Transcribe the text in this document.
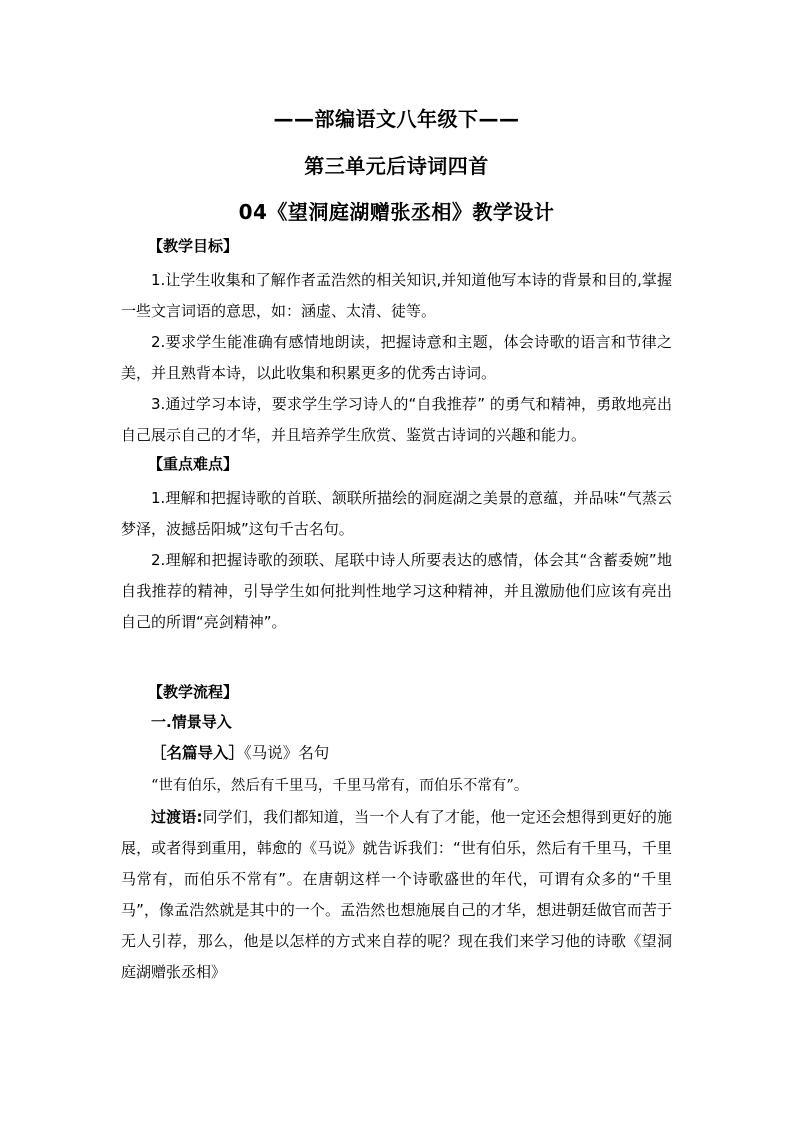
——部编语文八年级下——
第三单元后诗词四首
04《望洞庭湖赠张丞相》教学设计
【教学目标】

1.让学生收集和了解作者孟浩然的相关知识,并知道他写本诗的背景和目的,掌握一些文言词语的意思，如：涵虚、太清、徒等。

2.要求学生能准确有感情地朗读，把握诗意和主题，体会诗歌的语言和节律之美，并且熟背本诗，以此收集和积累更多的优秀古诗词。

3.通过学习本诗，要求学生学习诗人的“自我推荐” 的勇气和精神，勇敢地亮出自己展示自己的才华，并且培养学生欣赏、鉴赏古诗词的兴趣和能力。

【重点难点】

1.理解和把握诗歌的首联、颔联所描绘的洞庭湖之美景的意蕴，并品味“气蒸云梦泽，波撼岳阳城”这句千古名句。

2.理解和把握诗歌的颈联、尾联中诗人所要表达的感情，体会其“含蓄委婉”地自我推荐的精神，引导学生如何批判性地学习这种精神，并且激励他们应该有亮出自己的所谓“亮剑精神”。

【教学流程】
一.情景导入
［名篇导入］《马说》名句
“世有伯乐，然后有千里马，千里马常有，而伯乐不常有”。

过渡语:同学们，我们都知道，当一个人有了才能，他一定还会想得到更好的施展，或者得到重用，韩愈的《马说》就告诉我们：“世有伯乐，然后有千里马，千里马常有，而伯乐不常有”。在唐朝这样一个诗歌盛世的年代，可谓有众多的“千里马”，像孟浩然就是其中的一个。孟浩然也想施展自己的才华，想进朝廷做官而苦于无人引荐，那么，他是以怎样的方式来自荐的呢？现在我们来学习他的诗歌《望洞庭湖赠张丞相》
